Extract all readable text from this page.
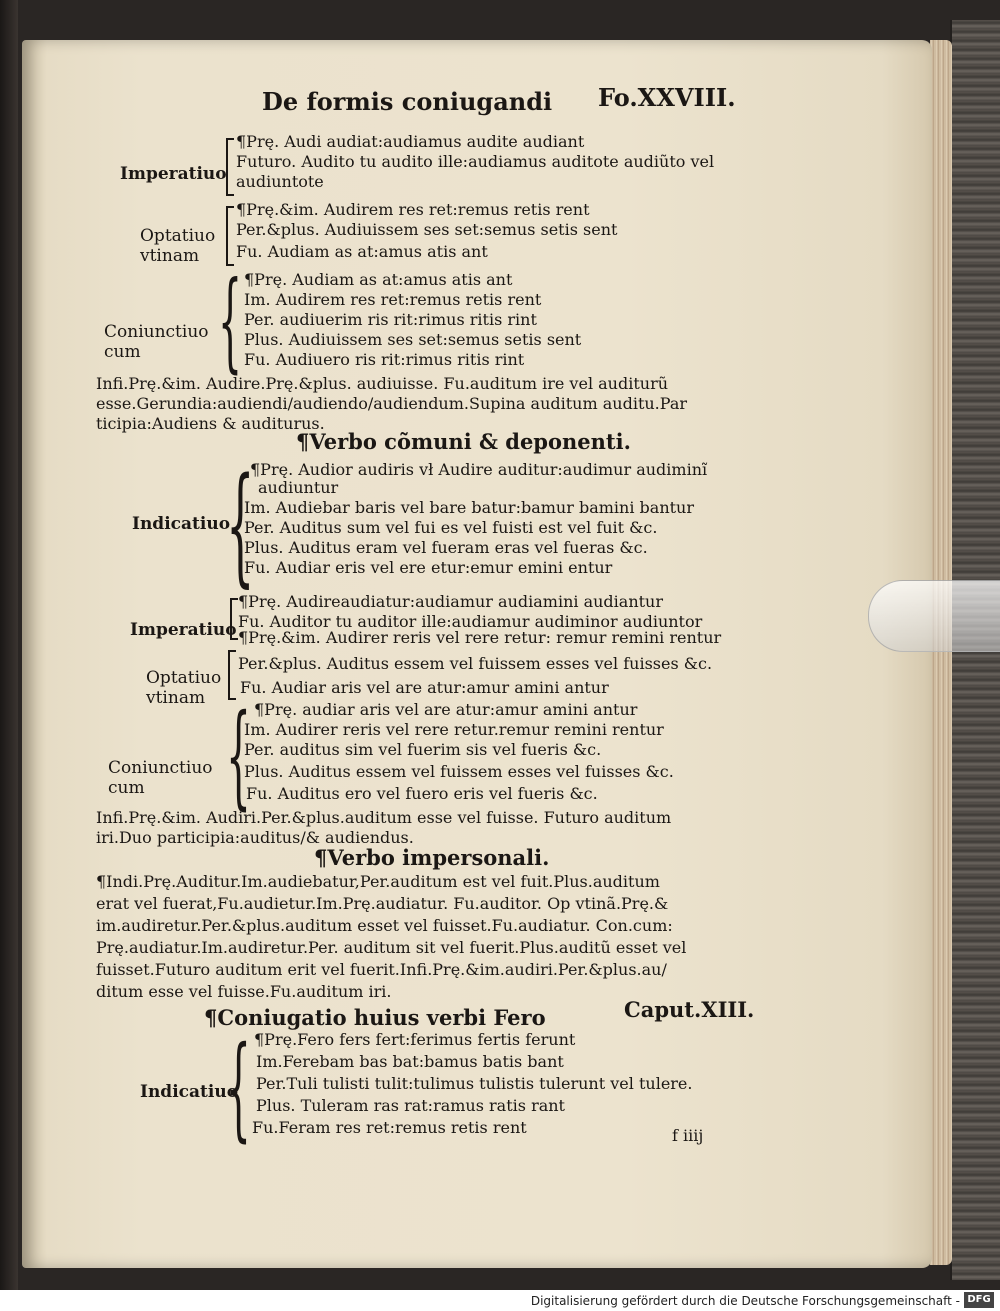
De formis coniugandi Fo.XXVIII.
Imperatiuo
¶Prę. Audi audiat:audiamus audite audiant
Futuro. Audito tu audito ille:audiamus auditote audiũto vel
audiuntote
Optatiuo
vtinam
¶Prę.&im. Audirem res ret:remus retis rent
Per.&plus. Audiuissem ses set:semus setis sent
Fu. Audiam as at:amus atis ant
{
Coniunctiuo
cum
¶Prę. Audiam as at:amus atis ant
Im. Audirem res ret:remus retis rent
Per. audiuerim ris rit:rimus ritis rint
Plus. Audiuissem ses set:semus setis sent
Fu. Audiuero ris rit:rimus ritis rint
Infi.Prę.&im. Audire.Prę.&plus. audiuisse. Fu.auditum ire vel auditurũ
esse.Gerundia:audiendi/audiendo/audiendum.Supina auditum auditu.Par
ticipia:Audiens & auditurus.
¶Verbo cõmuni & deponenti.
{
Indicatiuo
¶Prę. Audior audiris vł Audire auditur:audimur audiminĩ
audiuntur
Im. Audiebar baris vel bare batur:bamur bamini bantur
Per. Auditus sum vel fui es vel fuisti est vel fuit &c.
Plus. Auditus eram vel fueram eras vel fueras &c.
Fu. Audiar eris vel ere etur:emur emini entur
Imperatiuo
¶Prę. Audireaudiatur:audiamur audiamini audiantur
Fu. Auditor tu auditor ille:audiamur audiminor audiuntor
Optatiuo
vtinam
¶Prę.&im. Audirer reris vel rere retur: remur remini rentur
Per.&plus. Auditus essem vel fuissem esses vel fuisses &c.
Fu. Audiar aris vel are atur:amur amini antur
{
Coniunctiuo
cum
¶Prę. audiar aris vel are atur:amur amini antur
Im. Audirer reris vel rere retur.remur remini rentur
Per. auditus sim vel fuerim sis vel fueris &c.
Plus. Auditus essem vel fuissem esses vel fuisses &c.
Fu. Auditus ero vel fuero eris vel fueris &c.
Infi.Prę.&im. Audiri.Per.&plus.auditum esse vel fuisse. Futuro auditum
iri.Duo participia:auditus/& audiendus.
¶Verbo impersonali.
¶Indi.Prę.Auditur.Im.audiebatur,Per.auditum est vel fuit.Plus.auditum
erat vel fuerat,Fu.audietur.Im.Prę.audiatur. Fu.auditor. Op vtinã.Prę.&
im.audiretur.Per.&plus.auditum esset vel fuisset.Fu.audiatur. Con.cum:
Prę.audiatur.Im.audiretur.Per. auditum sit vel fuerit.Plus.auditũ esset vel
fuisset.Futuro auditum erit vel fuerit.Infi.Prę.&im.audiri.Per.&plus.au/
ditum esse vel fuisse.Fu.auditum iri.
¶Coniugatio huius verbi Fero	Caput.XIII.
{
Indicatiuo
¶Prę.Fero fers fert:ferimus fertis ferunt
Im.Ferebam bas bat:bamus batis bant
Per.Tuli tulisti tulit:tulimus tulistis tulerunt vel tulere.
Plus. Tuleram ras rat:ramus ratis rant
Fu.Feram res ret:remus retis rent	f iiij
Digitalisierung gefördert durch die Deutsche Forschungsgemeinschaft - DFG
